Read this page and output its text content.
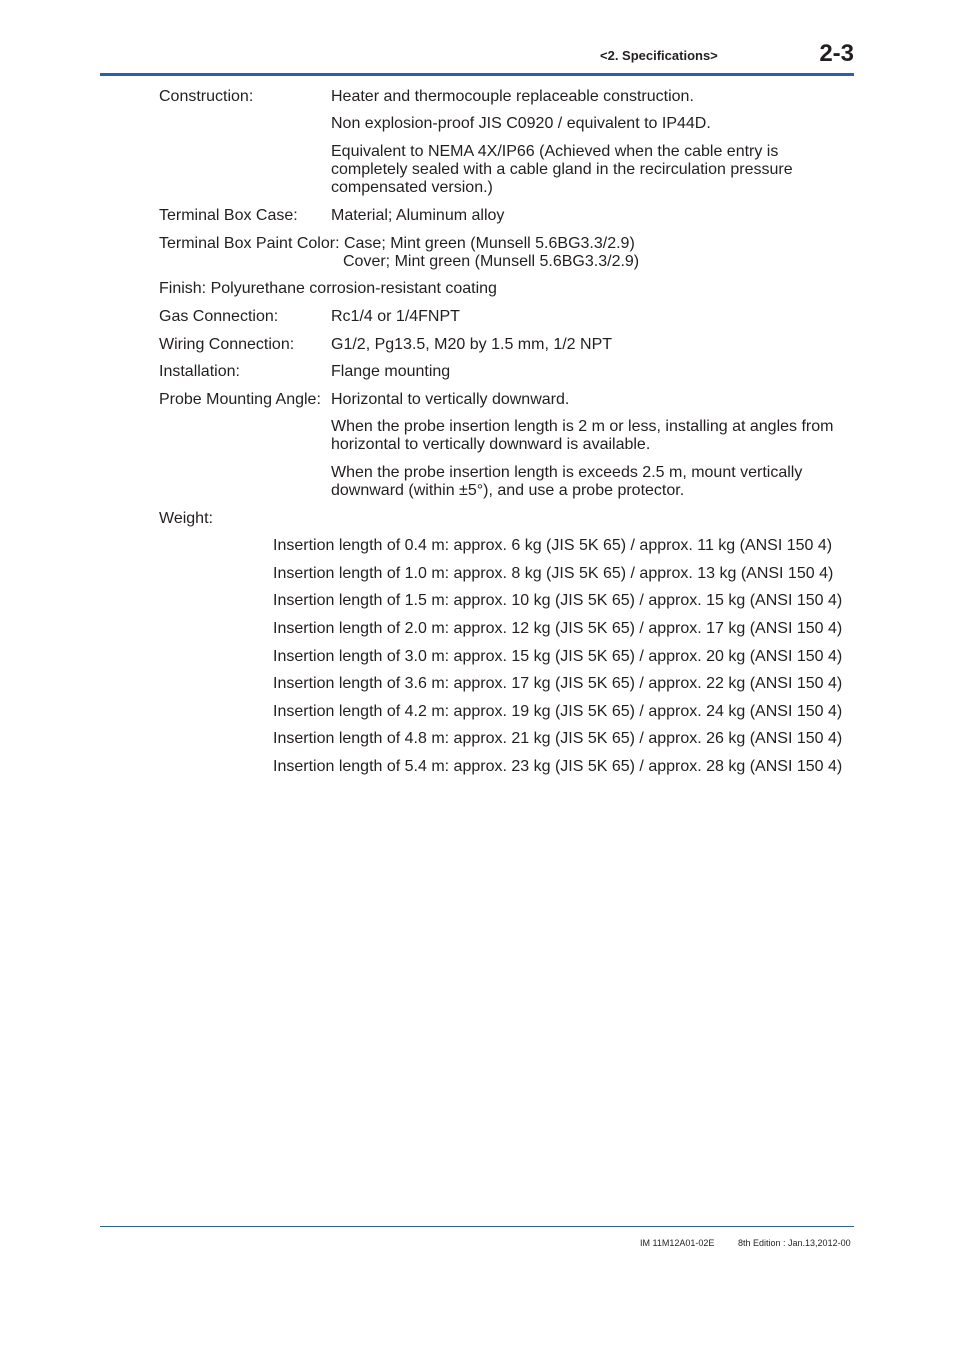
<2. Specifications>	2-3
Construction:	Heater and thermocouple replaceable construction.
Non explosion-proof JIS C0920 / equivalent to IP44D.
Equivalent to NEMA 4X/IP66 (Achieved when the cable entry is completely sealed with a cable gland in the recirculation pressure compensated version.)
Terminal Box Case: Material; Aluminum alloy
Terminal Box Paint Color: Case; Mint green (Munsell 5.6BG3.3/2.9)
Cover; Mint green (Munsell 5.6BG3.3/2.9)
Finish: Polyurethane corrosion-resistant coating
Gas Connection:	Rc1/4 or 1/4FNPT
Wiring Connection: G1/2, Pg13.5, M20 by 1.5 mm, 1/2 NPT
Installation:	Flange mounting
Probe Mounting Angle: Horizontal to vertically downward.
When the probe insertion length is 2 m or less, installing at angles from horizontal to vertically downward is available.
When the probe insertion length is exceeds 2.5 m, mount vertically downward (within ±5°), and use a probe protector.
Weight:
Insertion length of 0.4 m: approx. 6 kg (JIS 5K 65) / approx. 11 kg (ANSI 150 4)
Insertion length of 1.0 m: approx. 8 kg (JIS 5K 65) / approx. 13 kg (ANSI 150 4)
Insertion length of 1.5 m: approx. 10 kg (JIS 5K 65) / approx. 15 kg (ANSI 150 4)
Insertion length of 2.0 m: approx. 12 kg (JIS 5K 65) / approx. 17 kg (ANSI 150 4)
Insertion length of 3.0 m: approx. 15 kg (JIS 5K 65) / approx. 20 kg (ANSI 150 4)
Insertion length of 3.6 m: approx. 17 kg (JIS 5K 65) / approx. 22 kg (ANSI 150 4)
Insertion length of 4.2 m: approx. 19 kg (JIS 5K 65) / approx. 24 kg (ANSI 150 4)
Insertion length of 4.8 m: approx. 21 kg (JIS 5K 65) / approx. 26 kg (ANSI 150 4)
Insertion length of 5.4 m: approx. 23 kg (JIS 5K 65) / approx. 28 kg (ANSI 150 4)
IM 11M12A01-02E	8th Edition : Jan.13,2012-00
